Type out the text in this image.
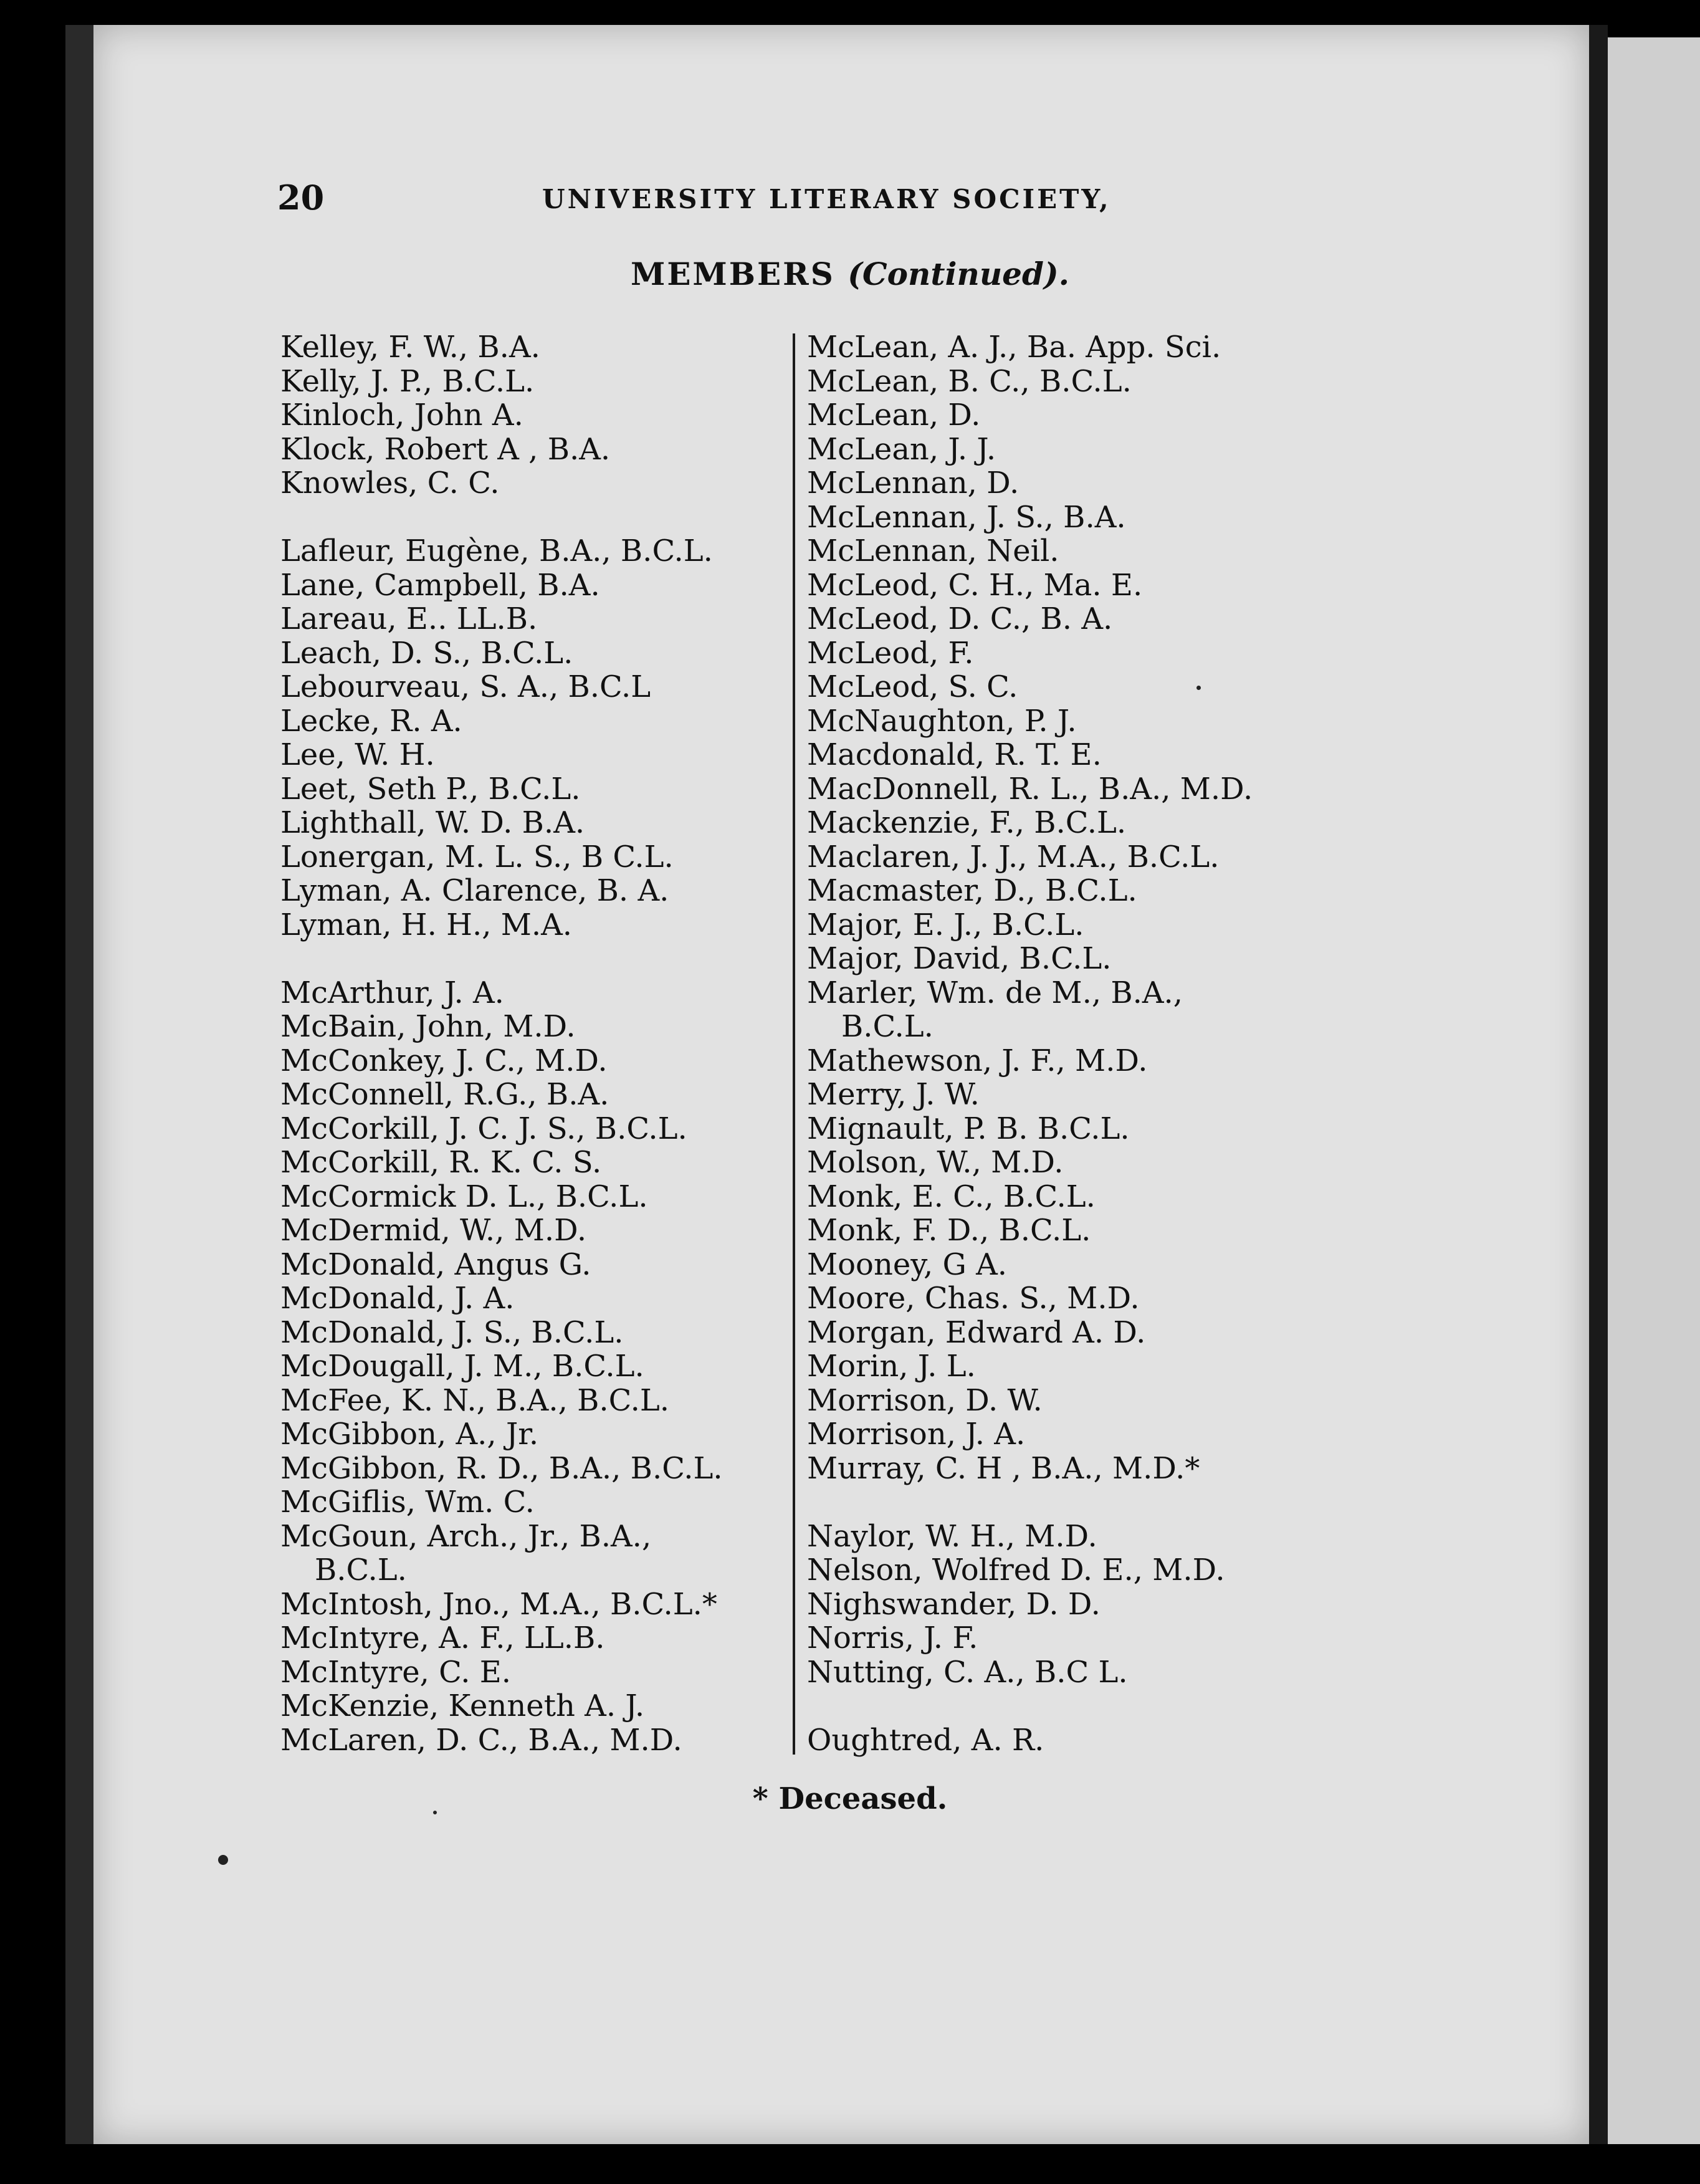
20	UNIVERSITY LITERARY SOCIETY,
MEMBERS (Continued).
Kelley, F. W., B.A.
Kelly, J. P., B.C.L.
Kinloch, John A.
Klock, Robert A , B.A.
Knowles, C. C.
Lafleur, Eugène, B.A., B.C.L.
Lane, Campbell, B.A.
Lareau, E.. LL.B.
Leach, D. S., B.C.L.
Lebourveau, S. A., B.C.L
Lecke, R. A.
Lee, W. H.
Leet, Seth P., B.C.L.
Lighthall, W. D. B.A.
Lonergan, M. L. S., B C.L.
Lyman, A. Clarence, B. A.
Lyman, H. H., M.A.
McArthur, J. A.
McBain, John, M.D.
McConkey, J. C., M.D.
McConnell, R.G., B.A.
McCorkill, J. C. J. S., B.C.L.
McCorkill, R. K. C. S.
McCormick D. L., B.C.L.
McDermid, W., M.D.
McDonald, Angus G.
McDonald, J. A.
McDonald, J. S., B.C.L.
McDougall, J. M., B.C.L.
McFee, K. N., B.A., B.C.L.
McGibbon, A., Jr.
McGibbon, R. D., B.A., B.C.L.
McGiflis, Wm. C.
McGoun, Arch., Jr., B.A.,
B.C.L.
McIntosh, Jno., M.A., B.C.L.*
McIntyre, A. F., LL.B.
McIntyre, C. E.
McKenzie, Kenneth A. J.
McLaren, D. C., B.A., M.D.
McLean, A. J., Ba. App. Sci.
McLean, B. C., B.C.L.
McLean, D.
McLean, J. J.
McLennan, D.
McLennan, J. S., B.A.
McLennan, Neil.
McLeod, C. H., Ma. E.
McLeod, D. C., B. A.
McLeod, F.
McLeod, S. C.
McNaughton, P. J.
Macdonald, R. T. E.
MacDonnell, R. L., B.A., M.D.
Mackenzie, F., B.C.L.
Maclaren, J. J., M.A., B.C.L.
Macmaster, D., B.C.L.
Major, E. J., B.C.L.
Major, David, B.C.L.
Marler, Wm. de M., B.A.,
B.C.L.
Mathewson, J. F., M.D.
Merry, J. W.
Mignault, P. B. B.C.L.
Molson, W., M.D.
Monk, E. C., B.C.L.
Monk, F. D., B.C.L.
Mooney, G A.
Moore, Chas. S., M.D.
Morgan, Edward A. D.
Morin, J. L.
Morrison, D. W.
Morrison, J. A.
Murray, C. H , B.A., M.D.*
Naylor, W. H., M.D.
Nelson, Wolfred D. E., M.D.
Nighswander, D. D.
Norris, J. F.
Nutting, C. A., B.C L.
Oughtred, A. R.
* Deceased.
